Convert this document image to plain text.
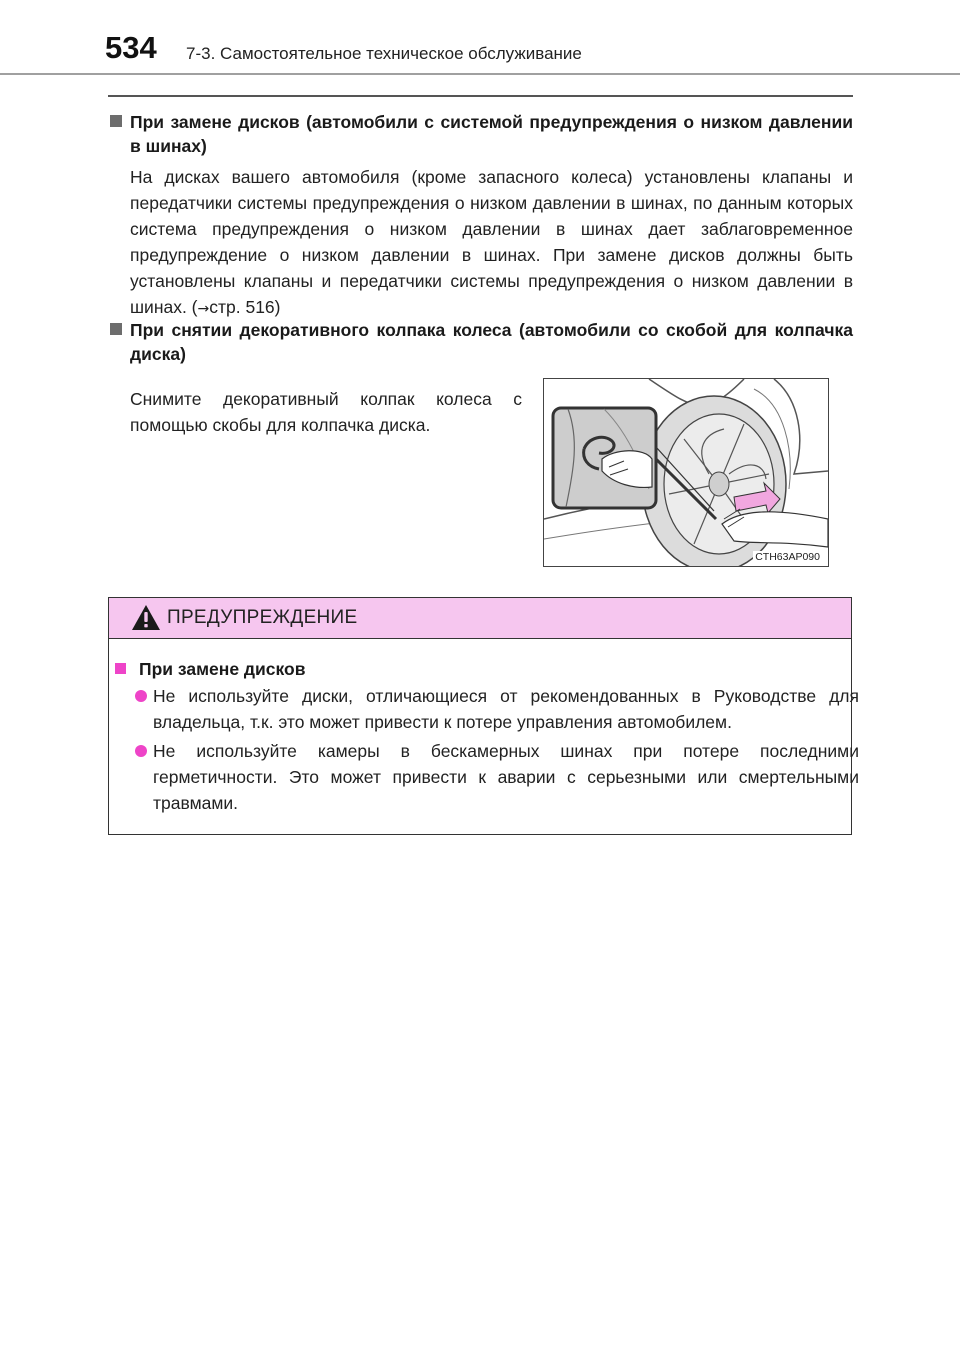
534 7-3. Самостоятельное техническое обслуживание
При замене дисков (автомобили с системой предупреждения о низком давлении в шинах)
На дисках вашего автомобиля (кроме запасного колеса) установлены клапаны и передатчики системы предупреждения о низком давлении в шинах, по данным которых система предупреждения о низком давлении в шинах дает заблаговременное предупреждение о низком давлении в шинах. При замене дисков должны быть установлены клапаны и передатчики системы предупреждения о низком давлении в шинах. (→стр. 516)
При снятии декоративного колпака колеса (автомобили со скобой для колпачка диска)
Снимите декоративный колпак колеса с помощью скобы для колпачка диска.
CTH63AP090
ПРЕДУПРЕЖДЕНИЕ
При замене дисков
Не используйте диски, отличающиеся от рекомендованных в Руководстве для владельца, т.к. это может привести к потере управления автомобилем.
Не используйте камеры в бескамерных шинах при потере последними герметичности. Это может привести к аварии с серьезными или смертельными травмами.
